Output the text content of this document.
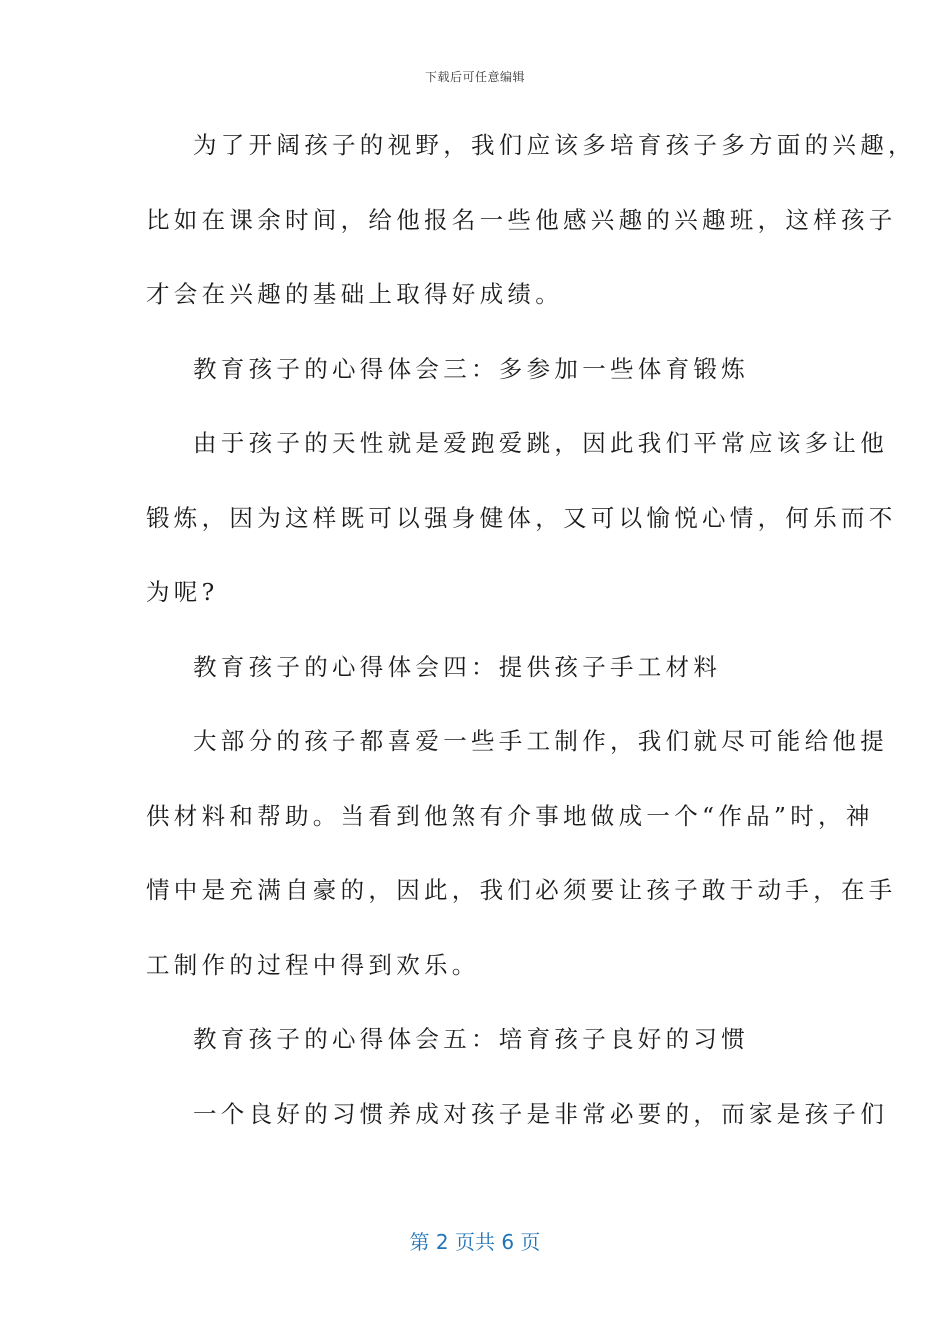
下载后可任意编辑
为了开阔孩子的视野，我们应该多培育孩子多方面的兴趣，
比如在课余时间，给他报名一些他感兴趣的兴趣班，这样孩子
才会在兴趣的基础上取得好成绩。
教育孩子的心得体会三：多参加一些体育锻炼
由于孩子的天性就是爱跑爱跳，因此我们平常应该多让他
锻炼，因为这样既可以强身健体，又可以愉悦心情，何乐而不
为呢?
教育孩子的心得体会四：提供孩子手工材料
大部分的孩子都喜爱一些手工制作，我们就尽可能给他提
供材料和帮助。当看到他煞有介事地做成一个“作品”时，神
情中是充满自豪的，因此，我们必须要让孩子敢于动手，在手
工制作的过程中得到欢乐。
教育孩子的心得体会五：培育孩子良好的习惯
一个良好的习惯养成对孩子是非常必要的，而家是孩子们
第 2 页共 6 页
